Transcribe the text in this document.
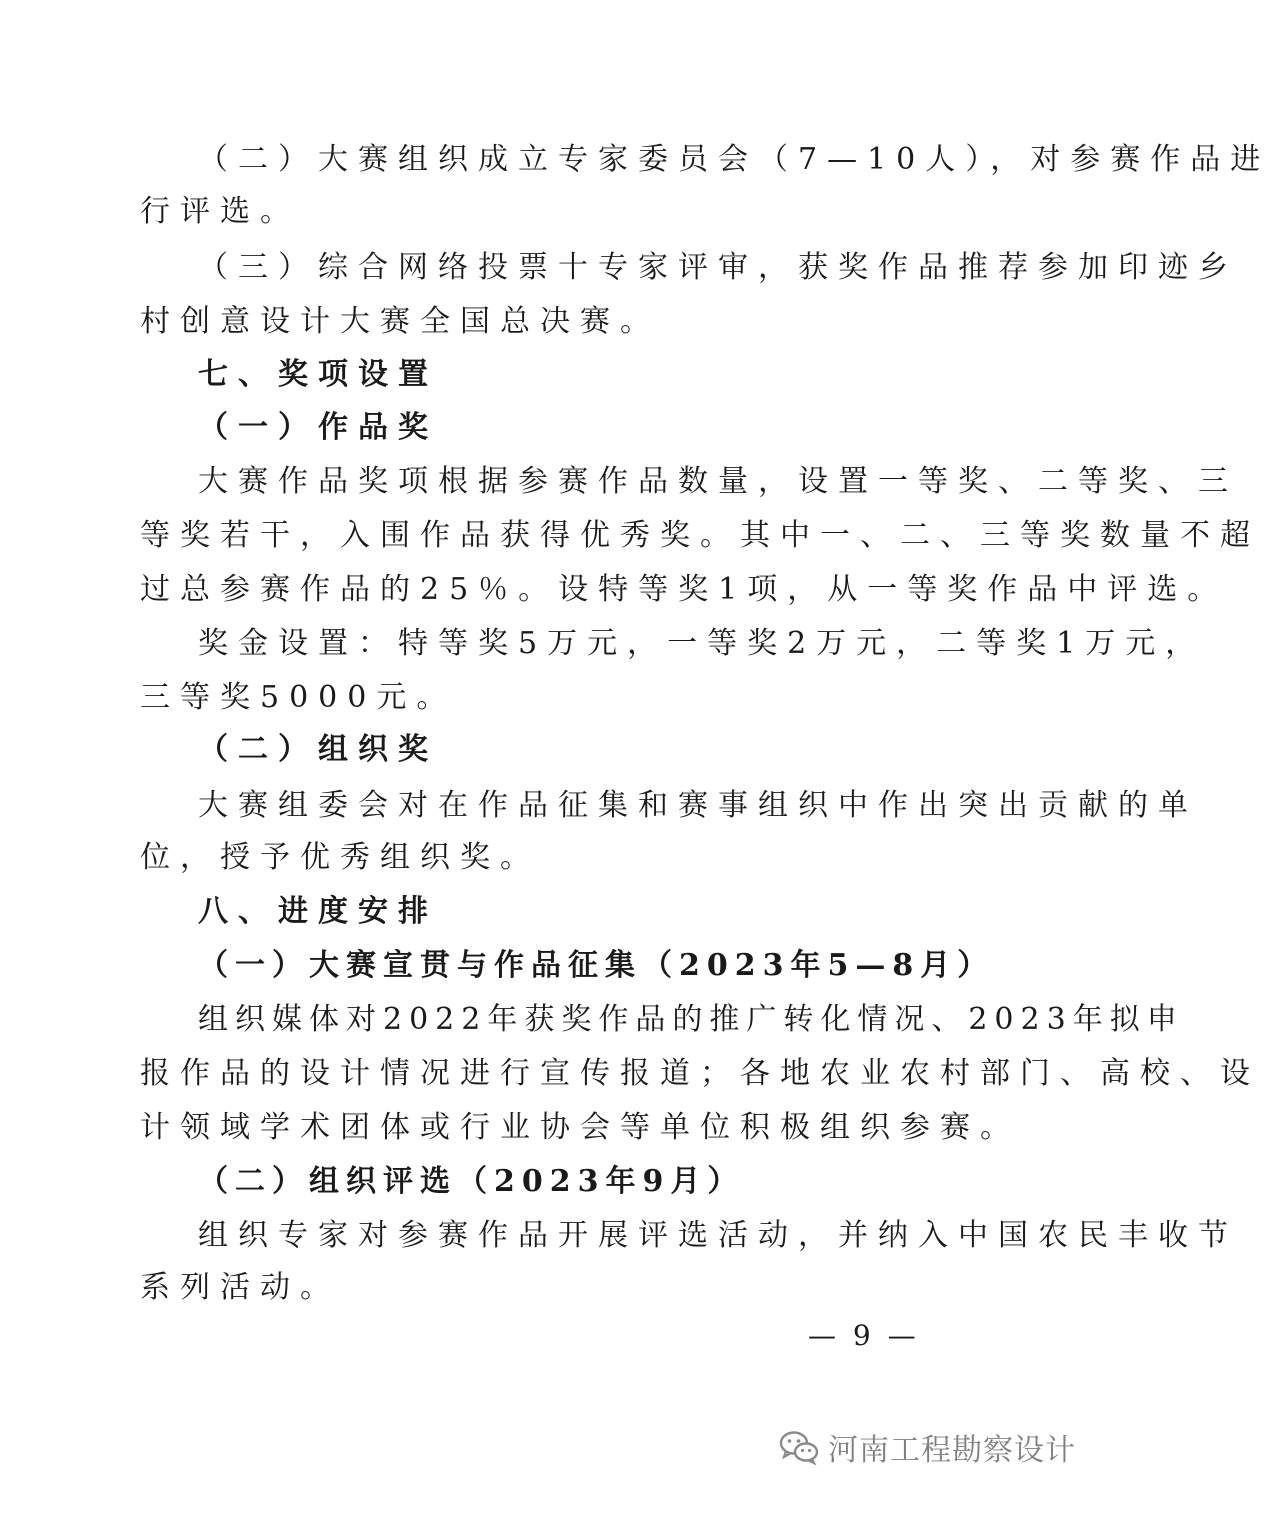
（二）大赛组织成立专家委员会（7—10人），对参赛作品进
行评选。
（三）综合网络投票十专家评审，获奖作品推荐参加印迹乡
村创意设计大赛全国总决赛。
七、奖项设置
（一）作品奖
大赛作品奖项根据参赛作品数量，设置一等奖、二等奖、三
等奖若干，入围作品获得优秀奖。其中一、二、三等奖数量不超
过总参赛作品的25％。设特等奖1项，从一等奖作品中评选。
奖金设置：特等奖5万元，一等奖2万元，二等奖1万元，
三等奖5000元。
（二）组织奖
大赛组委会对在作品征集和赛事组织中作出突出贡献的单
位，授予优秀组织奖。
八、进度安排
（一）大赛宣贯与作品征集（2023年5—8月）
组织媒体对2022年获奖作品的推广转化情况、2023年拟申
报作品的设计情况进行宣传报道；各地农业农村部门、高校、设
计领域学术团体或行业协会等单位积极组织参赛。
（二）组织评选（2023年9月）
组织专家对参赛作品开展评选活动，并纳入中国农民丰收节
系列活动。
— 9 —
河南工程勘察设计
